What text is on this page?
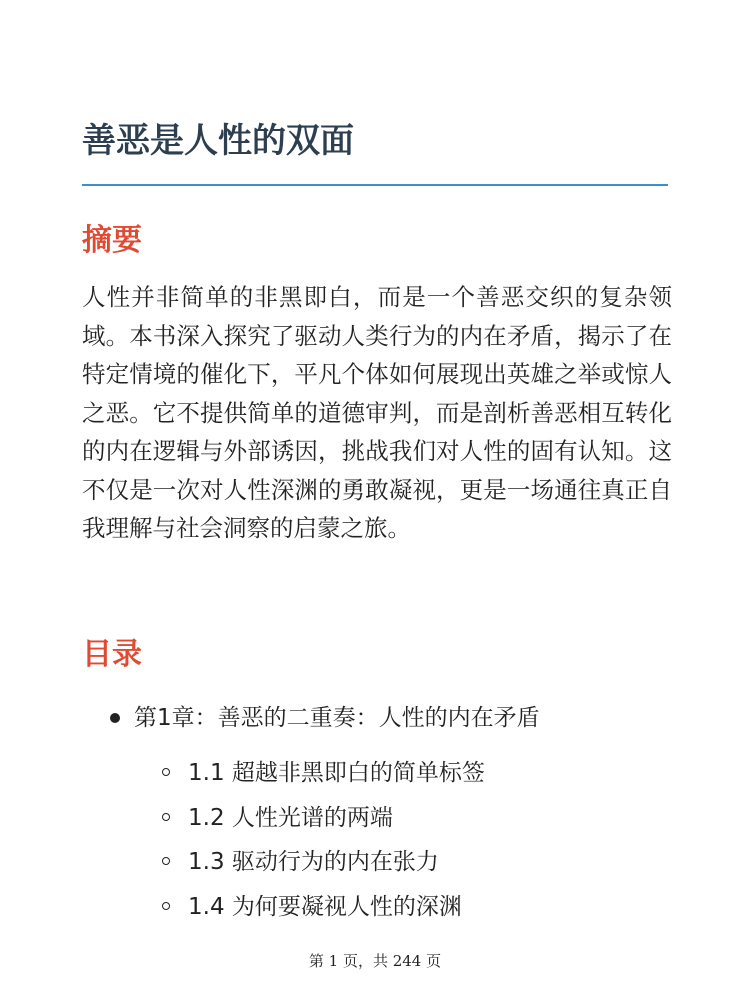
善恶是人性的双面
摘要

人性并非简单的非黑即白，而是一个善恶交织的复杂领域。本书深入探究了驱动人类行为的内在矛盾，揭示了在特定情境的催化下，平凡个体如何展现出英雄之举或惊人之恶。它不提供简单的道德审判，而是剖析善恶相互转化的内在逻辑与外部诱因，挑战我们对人性的固有认知。这不仅是一次对人性深渊的勇敢凝视，更是一场通往真正自我理解与社会洞察的启蒙之旅。

目录
第1章：善恶的二重奏：人性的内在矛盾
1.1 超越非黑即白的简单标签
1.2 人性光谱的两端
1.3 驱动行为的内在张力
1.4 为何要凝视人性的深渊
第 1 页，共 244 页
